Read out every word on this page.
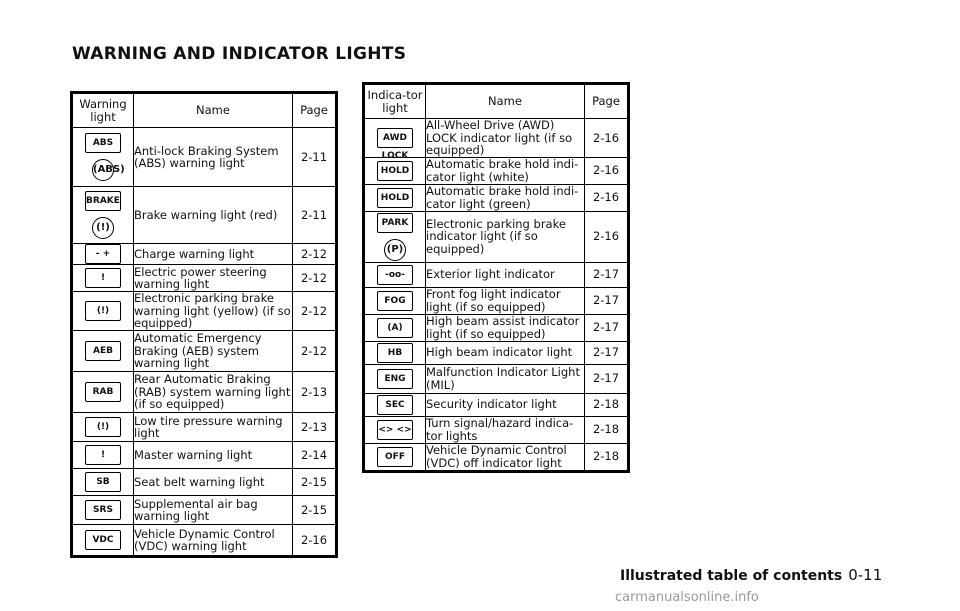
WARNING AND INDICATOR LIGHTS
Warning light	Name	Page

ABS
(ABS)	Anti-lock Braking System (ABS) warning light	2-11

BRAKE
(!)	Brake warning light (red)	2-11

- +	Charge warning light	2-12

!	Electric power steering warning light	2-12

(!)	Electronic parking brake warning light (yellow) (if so equipped)	2-12

AEB	Automatic Emergency Braking (AEB) system warning light	2-12

RAB	Rear Automatic Braking (RAB) system warning light (if so equipped)	2-13

(!)	Low tire pressure warning light	2-13

!	Master warning light	2-14

SB	Seat belt warning light	2-15

SRS	Supplemental air bag warning light	2-15

VDC	Vehicle Dynamic Control (VDC) warning light	2-16
Indica-tor light	Name	Page

AWD LOCK	All-Wheel Drive (AWD) LOCK indicator light (if so equipped)	2-16

HOLD	Automatic brake hold indi-cator light (white)	2-16

HOLD	Automatic brake hold indi-cator light (green)	2-16

PARK
(P)	Electronic parking brake indicator light (if so equipped)	2-16

-oo-	Exterior light indicator	2-17

FOG	Front fog light indicator light (if so equipped)	2-17

(A)	High beam assist indicator light (if so equipped)	2-17

HB	High beam indicator light	2-17

ENG	Malfunction Indicator Light (MIL)	2-17

SEC	Security indicator light	2-18

<> <>	Turn signal/hazard indica-tor lights	2-18

OFF	Vehicle Dynamic Control (VDC) off indicator light	2-18
Illustrated table of contents 0-11
carmanualsonline.info
